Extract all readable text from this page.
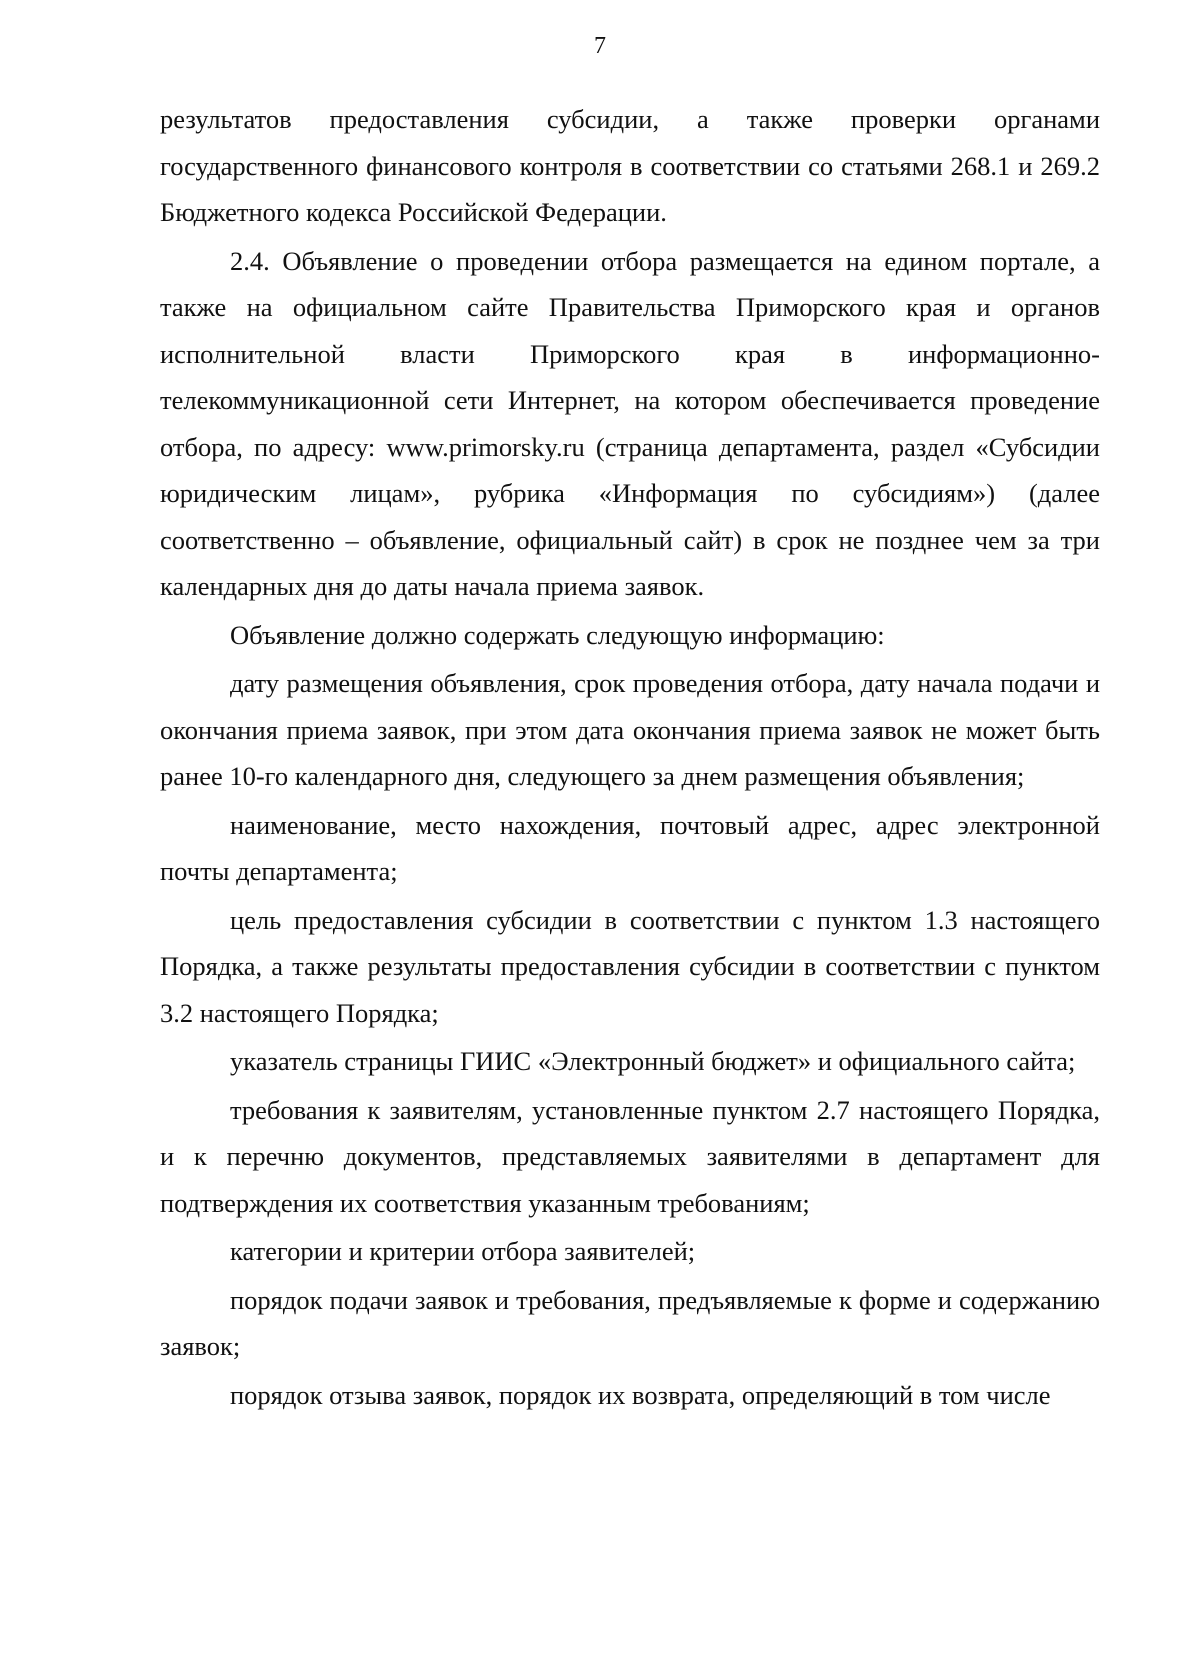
7

результатов предоставления субсидии, а также проверки органами государственного финансового контроля в соответствии со статьями 268.1 и 269.2 Бюджетного кодекса Российской Федерации.

2.4. Объявление о проведении отбора размещается на едином портале, а также на официальном сайте Правительства Приморского края и органов исполнительной власти Приморского края в информационно-телекоммуникационной сети Интернет, на котором обеспечивается проведение отбора, по адресу: www.primorsky.ru (страница департамента, раздел «Субсидии юридическим лицам», рубрика «Информация по субсидиям») (далее соответственно – объявление, официальный сайт) в срок не позднее чем за три календарных дня до даты начала приема заявок.

Объявление должно содержать следующую информацию:

дату размещения объявления, срок проведения отбора, дату начала подачи и окончания приема заявок, при этом дата окончания приема заявок не может быть ранее 10-го календарного дня, следующего за днем размещения объявления;

наименование, место нахождения, почтовый адрес, адрес электронной почты департамента;

цель предоставления субсидии в соответствии с пунктом 1.3 настоящего Порядка, а также результаты предоставления субсидии в соответствии с пунктом 3.2 настоящего Порядка;

указатель страницы ГИИС «Электронный бюджет» и официального сайта;

требования к заявителям, установленные пунктом 2.7 настоящего Порядка, и к перечню документов, представляемых заявителями в департамент для подтверждения их соответствия указанным требованиям;

категории и критерии отбора заявителей;

порядок подачи заявок и требования, предъявляемые к форме и содержанию заявок;

порядок отзыва заявок, порядок их возврата, определяющий в том числе
